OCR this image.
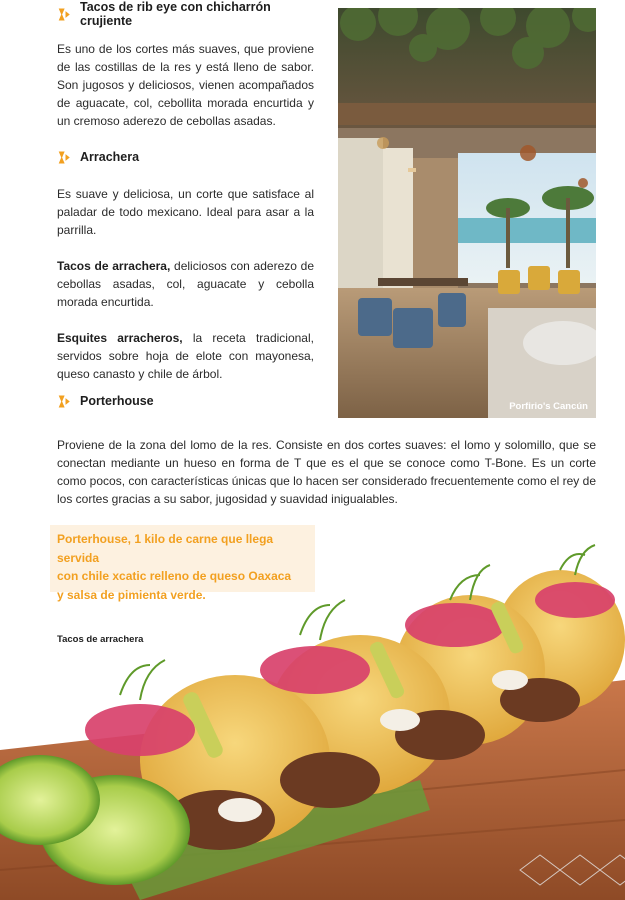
Tacos de rib eye con chicharrón crujiente

Es uno de los cortes más suaves, que proviene de las costillas de la res y está lleno de sabor. Son jugosos y deliciosos, vienen acompañados de aguacate, col, cebollita morada encurtida y un cremoso aderezo de cebollas asadas.

Arrachera

Es suave y deliciosa, un corte que satisface al paladar de todo mexicano. Ideal para asar a la parrilla.

Tacos de arrachera, deliciosos con aderezo de cebollas asadas, col, aguacate y cebolla morada encurtida.

Esquites arracheros, la receta tradicional, servidos sobre hoja de elote con mayonesa, queso canasto y chile de árbol.

Porterhouse	Porfirio's Cancún

Proviene de la zona del lomo de la res. Consiste en dos cortes suaves: el lomo y solomillo, que se conectan mediante un hueso en forma de T que es el que se conoce como T-Bone. Es un corte como pocos, con características únicas que lo hacen ser considerado frecuentemente como el rey de los cortes gracias a su sabor, jugosidad y suavidad inigualables.

Porterhouse, 1 kilo de carne que llega servida
con chile xcatic relleno de queso Oaxaca
y salsa de pimienta verde.
Tacos de arrachera
